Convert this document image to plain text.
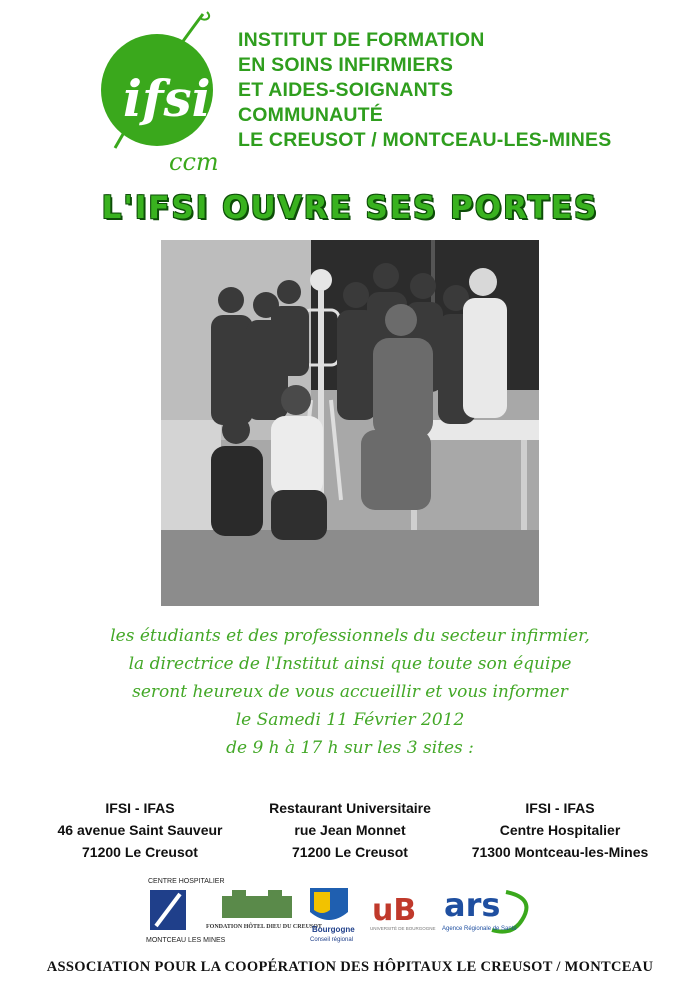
ifsi
ccm
INSTITUT DE FORMATION
EN SOINS INFIRMIERS
ET AIDES-SOIGNANTS
COMMUNAUTÉ
LE CREUSOT / MONTCEAU-LES-MINES
L'IFSI OUVRE SES PORTES
les étudiants et des professionnels du secteur infirmier,
la directrice de l'Institut ainsi que toute son équipe
seront heureux de vous accueillir et vous informer
le Samedi 11 Février 2012
de 9 h à 17 h sur les 3 sites :
IFSI - IFAS
46 avenue Saint Sauveur
71200 Le Creusot
Restaurant Universitaire
rue Jean Monnet
71200 Le Creusot
IFSI - IFAS
Centre Hospitalier
71300 Montceau-les-Mines
CENTRE HOSPITALIER
MONTCEAU LES MINES
FONDATION HÔTEL DIEU DU CREUSOT
Bourgogne
Conseil régional
uB
UNIVERSITÉ DE BOURGOGNE
ars
Agence Régionale de Santé
ASSOCIATION POUR LA COOPÉRATION DES HÔPITAUX LE CREUSOT / MONTCEAU
